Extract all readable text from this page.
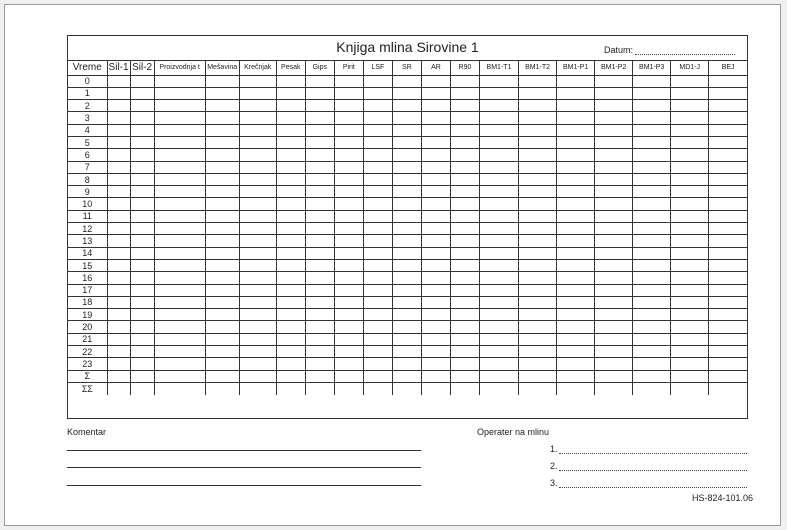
Knjiga mlina Sirovine 1	Datum:
Vreme	Sil-1	Sil-2	Proizvodnja t	Mešavina	Krečnjak	Pesak	Gips	Pirit	LSF	SR	AR	R90	BM1-T1	BM1-T2	BM1-P1	BM1-P2	BM1-P3	MD1-J	BEJ
0																			
1																			
2																			
3																			
4																			
5																			
6																			
7																			
8																			
9																			
10																			
11																			
12																			
13																			
14																			
15																			
16																			
17																			
18																			
19																			
20																			
21																			
22																			
23																			
Σ																			
ΣΣ																			
Komentar	Operater na mlinu
1.
2.
3.
HS-824-101.06
